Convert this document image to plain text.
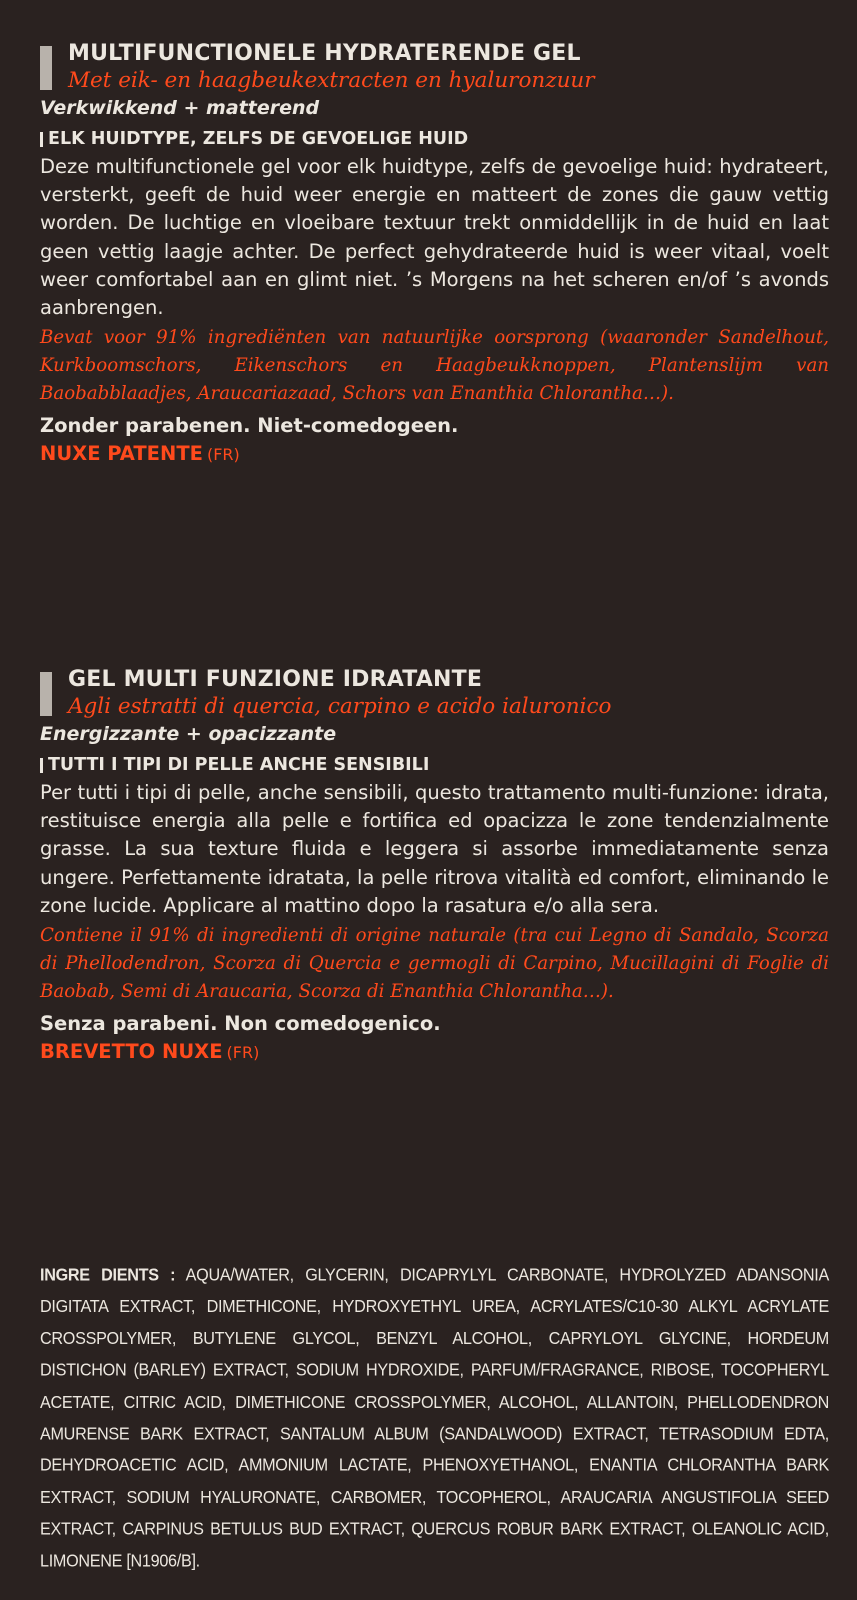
MULTIFUNCTIONELE HYDRATERENDE GEL
Met eik- en haagbeukextracten en hyaluronzuur
Verkwikkend + matterend
ELK HUIDTYPE, ZELFS DE GEVOELIGE HUID
Deze multifunctionele gel voor elk huidtype, zelfs de gevoelige huid: hydrateert, versterkt, geeft de huid weer energie en matteert de zones die gauw vettig worden. De luchtige en vloeibare textuur trekt onmiddellijk in de huid en laat geen vettig laagje achter. De perfect gehydrateerde huid is weer vitaal, voelt weer comfortabel aan en glimt niet. ’s Morgens na het scheren en/of ’s avonds aanbrengen.
Bevat voor 91% ingrediënten van natuurlijke oorsprong (waaronder Sandelhout, Kurkboomschors, Eikenschors en Haagbeukknoppen, Plantenslijm van Baobabblaadjes, Araucariazaad, Schors van Enanthia Chlorantha…).
Zonder parabenen. Niet-comedogeen.
NUXE PATENTE (FR)
GEL MULTI FUNZIONE IDRATANTE
Agli estratti di quercia, carpino e acido ialuronico
Energizzante + opacizzante
TUTTI I TIPI DI PELLE ANCHE SENSIBILI
Per tutti i tipi di pelle, anche sensibili, questo trattamento multi-funzione: idrata, restituisce energia alla pelle e fortifica ed opacizza le zone tendenzialmente grasse. La sua texture fluida e leggera si assorbe immediatamente senza ungere. Perfettamente idratata, la pelle ritrova vitalità ed comfort, eliminando le zone lucide. Applicare al mattino dopo la rasatura e/o alla sera.
Contiene il 91% di ingredienti di origine naturale (tra cui Legno di Sandalo, Scorza di Phellodendron, Scorza di Quercia e germogli di Carpino, Mucillagini di Foglie di Baobab, Semi di Araucaria, Scorza di Enanthia Chlorantha…).
Senza parabeni. Non comedogenico.
BREVETTO NUXE (FR)
INGRE DIENTS : AQUA/WATER, GLYCERIN, DICAPRYLYL CARBONATE, HYDROLYZED ADANSONIA DIGITATA EXTRACT, DIMETHICONE, HYDROXYETHYL UREA, ACRYLATES/C10-30 ALKYL ACRYLATE CROSSPOLYMER, BUTYLENE GLYCOL, BENZYL ALCOHOL, CAPRYLOYL GLYCINE, HORDEUM DISTICHON (BARLEY) EXTRACT, SODIUM HYDROXIDE, PARFUM/FRAGRANCE, RIBOSE, TOCOPHERYL ACETATE, CITRIC ACID, DIMETHICONE CROSSPOLYMER, ALCOHOL, ALLANTOIN, PHELLODENDRON AMURENSE BARK EXTRACT, SANTALUM ALBUM (SANDALWOOD) EXTRACT, TETRASODIUM EDTA, DEHYDROACETIC ACID, AMMONIUM LACTATE, PHENOXYETHANOL, ENANTIA CHLORANTHA BARK EXTRACT, SODIUM HYALURONATE, CARBOMER, TOCOPHEROL, ARAUCARIA ANGUSTIFOLIA SEED EXTRACT, CARPINUS BETULUS BUD EXTRACT, QUERCUS ROBUR BARK EXTRACT, OLEANOLIC ACID, LIMONENE [N1906/B].
